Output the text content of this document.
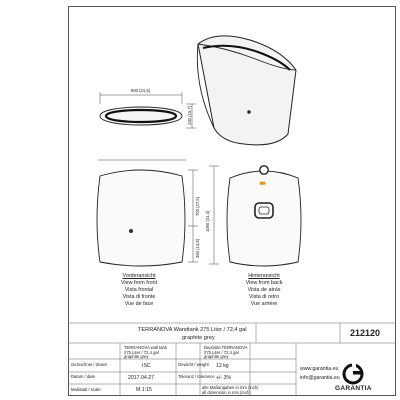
800 (31,5)
430 (15,7)
700 (27,6)
350 (13,8)
1050 (41,4)
Vorderansicht
View from front
Vista frontal
Vista di fronte
Vue de face
Hinteransicht
View from back
Vista de atrás
Vista di retro
Vue arrière
TERRANOVA Wandtank 275 Liter / 72,4 gal
graphite grey	212120
TERRANOVA wall tank
275 Liter / 72,4 gal
graphite grey
Depósito TERRANOVA
275 Liter / 72,4 gal
graphite grey
Gezeichnet / drawn	ISC	Gewicht / weight 12 kg
Datum / date	2017.04.27	Toleranz / tolerance +/- 3%
Maßstab / scale	M 1:15	alle Maßangaben in mm (inch)
all dimension in mm (inch)
www.garantia.eu
info@garantia.eu
GARANTIA
